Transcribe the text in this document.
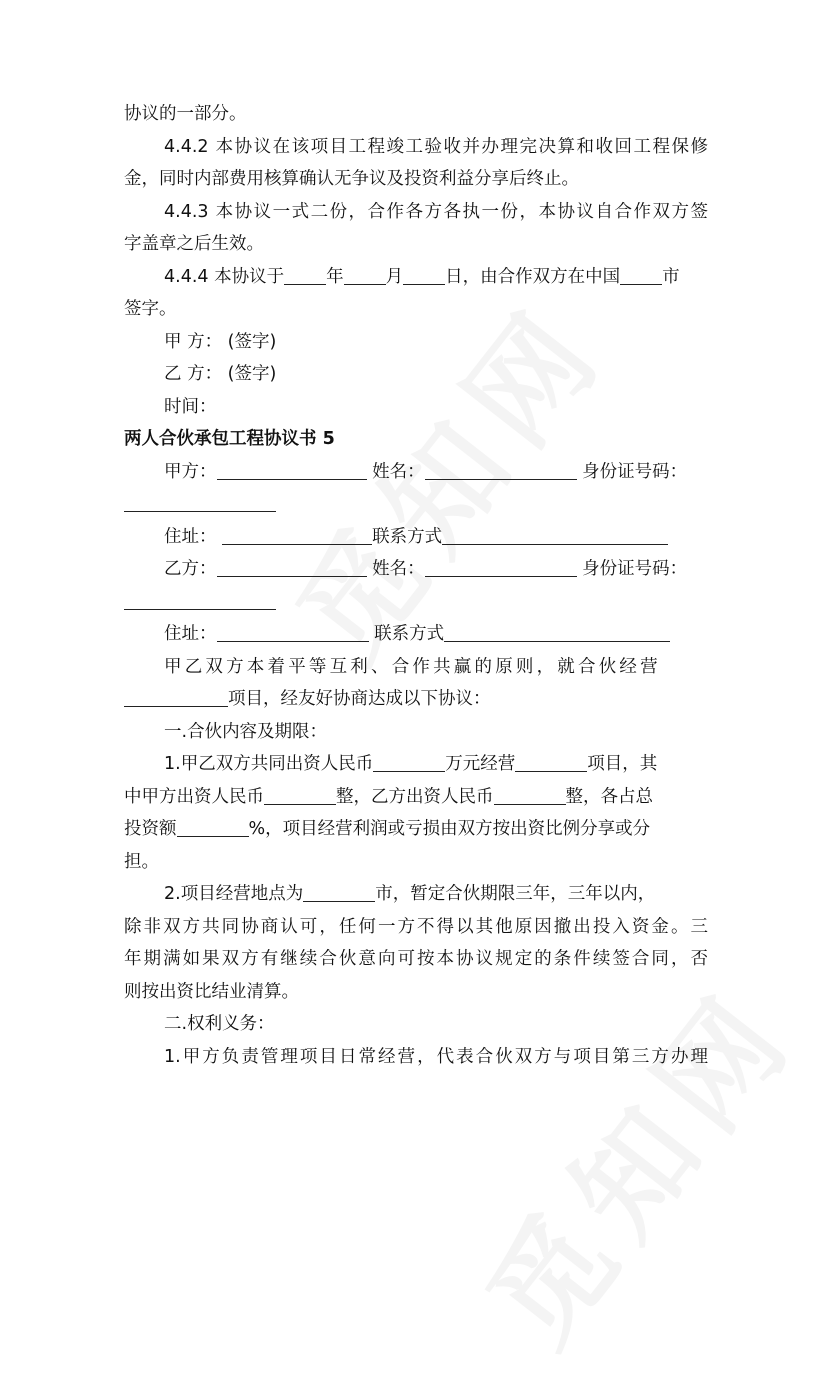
协议的一部分。
4.4.2 本协议在该项目工程竣工验收并办理完决算和收回工程保修
金，同时内部费用核算确认无争议及投资利益分享后终止。
4.4.3 本协议一式二份，合作各方各执一份，本协议自合作双方签
字盖章之后生效。
4.4.4 本协议于 年 月 日，由合作双方在中国 市
签字。
甲 方： (签字)
乙 方： (签字)
时间：
两人合伙承包工程协议书 5
甲方：	姓名：	身份证号码：
住址：	联系方式
乙方：	姓名：	身份证号码：
住址：	联系方式
甲乙双方本着平等互利、合作共赢的原则，就合伙经营
项目，经友好协商达成以下协议：
一.合伙内容及期限：
1.甲乙双方共同出资人民币	万元经营	项目，其
中甲方出资人民币	整，乙方出资人民币	整，各占总
投资额	%，项目经营利润或亏损由双方按出资比例分享或分
担。
2.项目经营地点为	市，暂定合伙期限三年，三年以内，
除非双方共同协商认可，任何一方不得以其他原因撤出投入资金。三
年期满如果双方有继续合伙意向可按本协议规定的条件续签合同，否
则按出资比结业清算。
二.权利义务：
1.甲方负责管理项目日常经营，代表合伙双方与项目第三方办理
